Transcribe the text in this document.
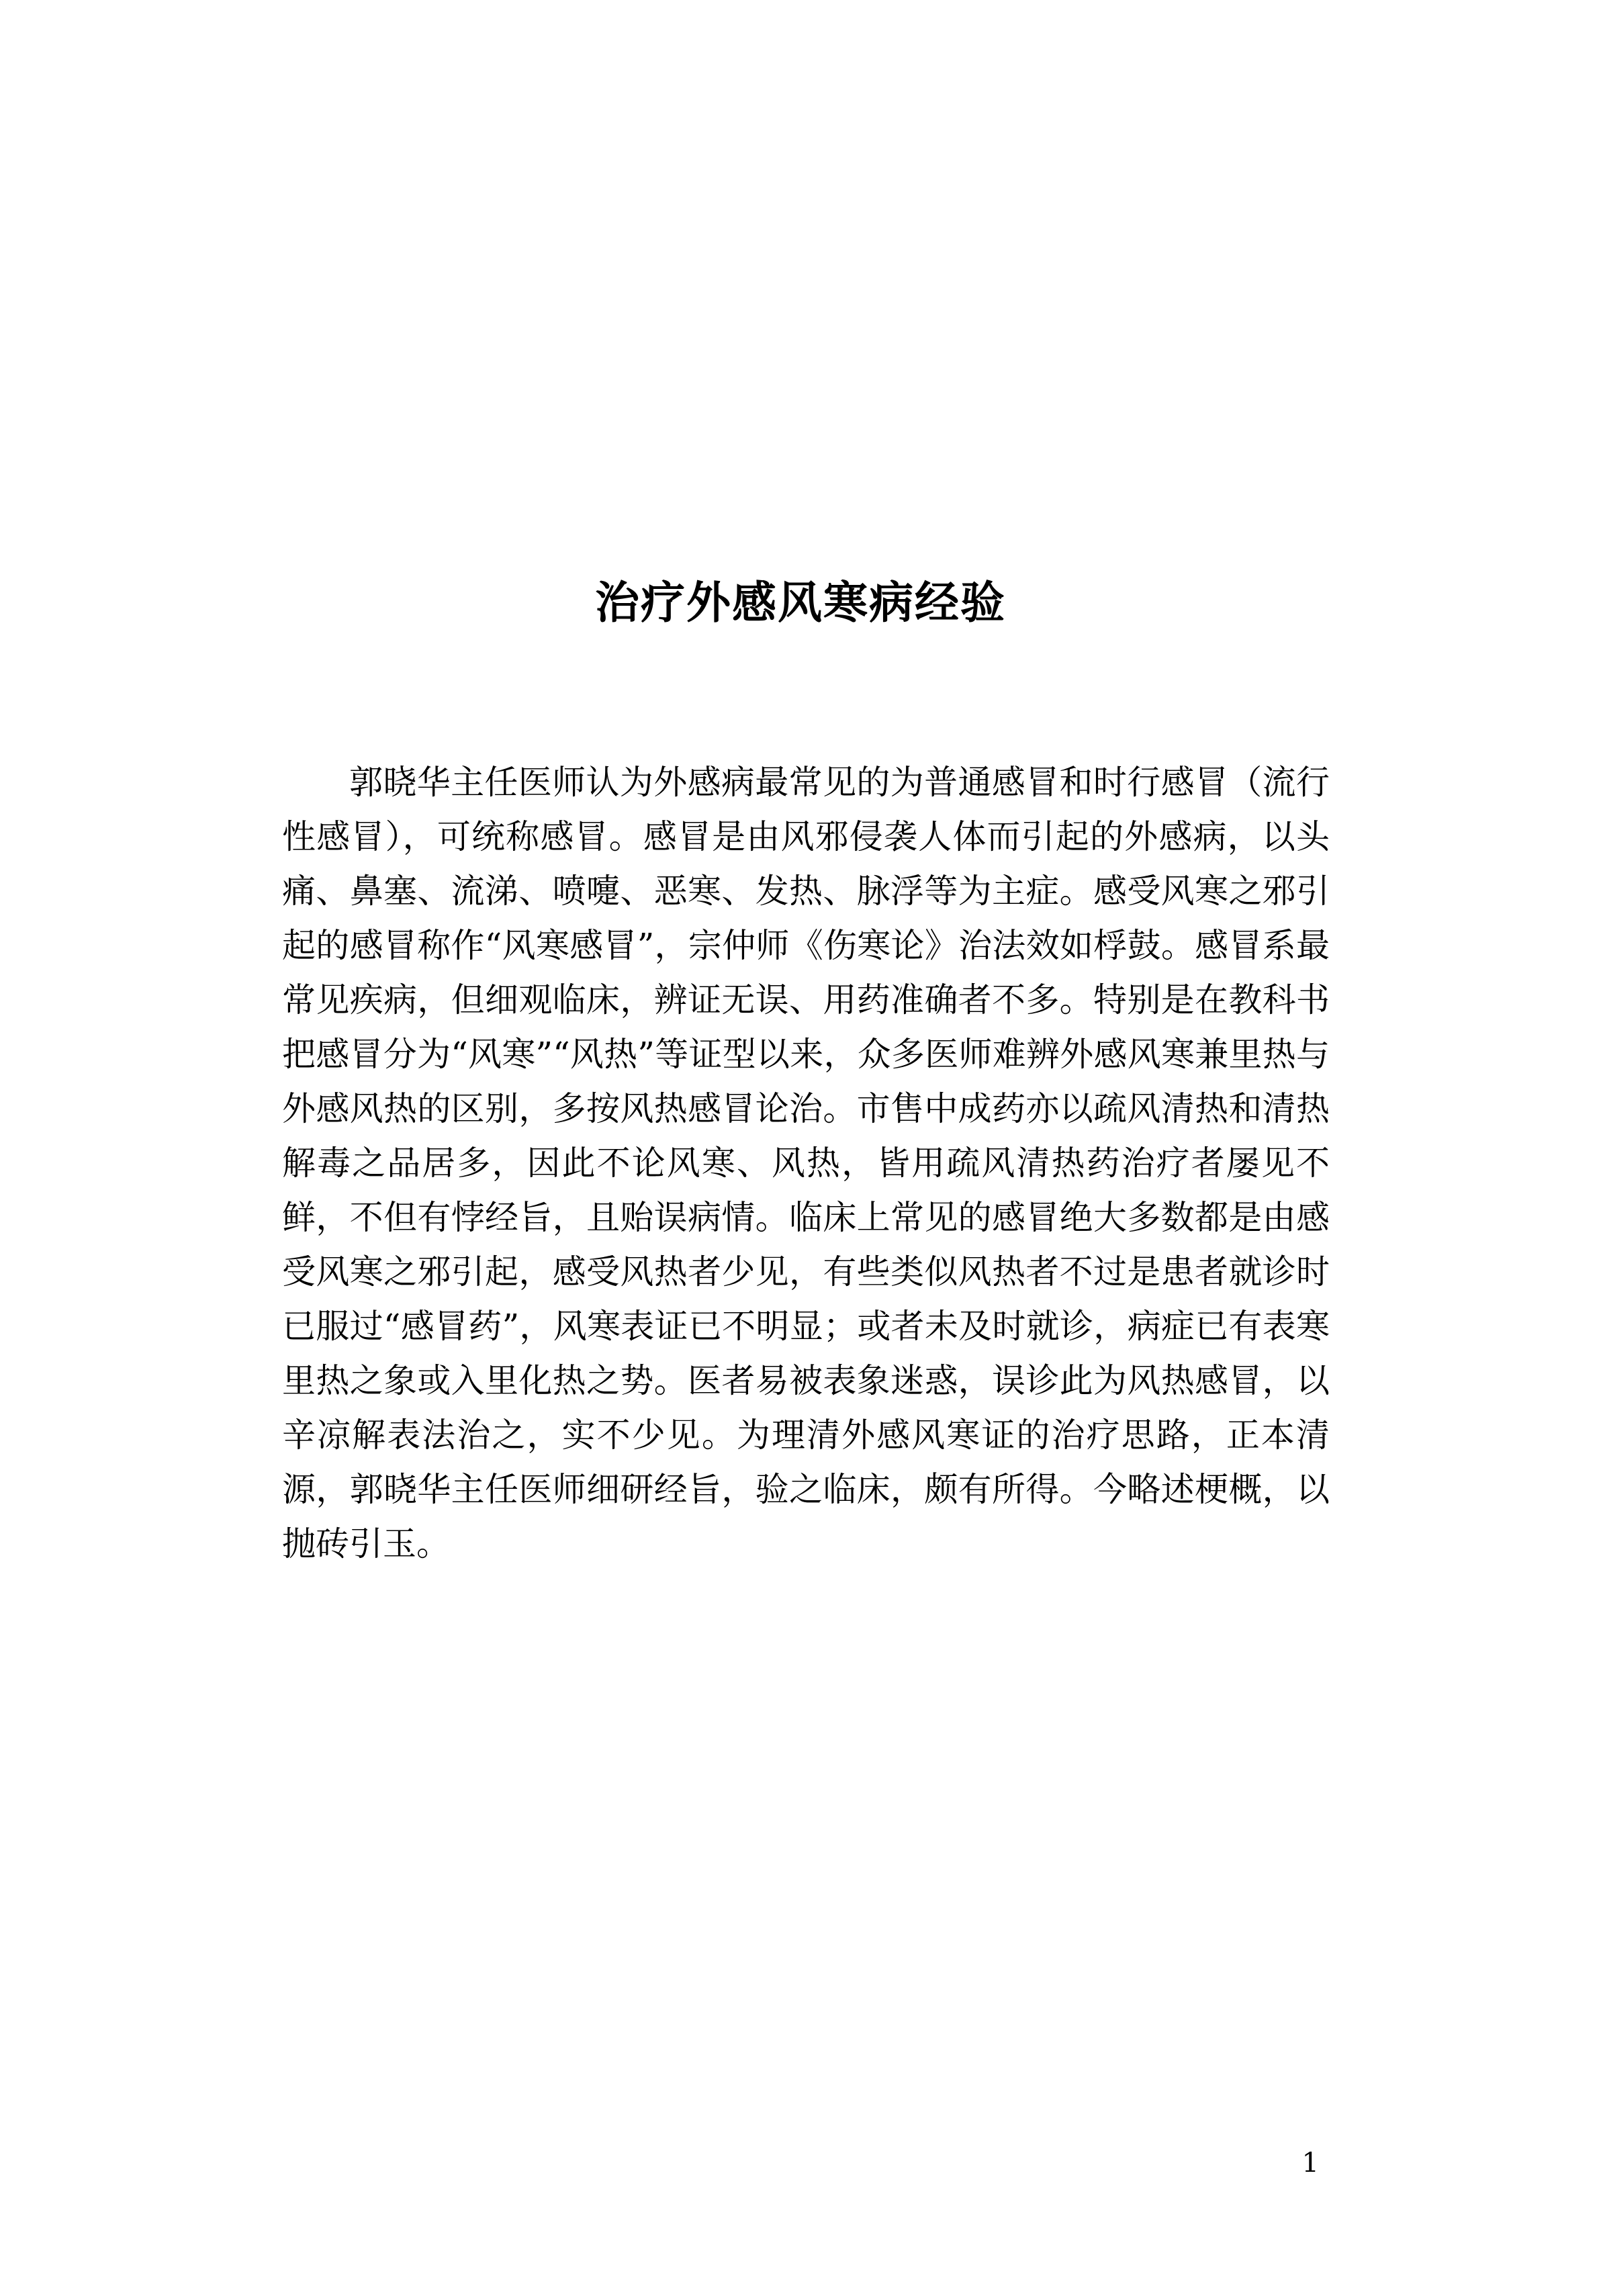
治疗外感风寒病经验

郭晓华主任医师认为外感病最常见的为普通感冒和时行感冒（流行性感冒），可统称感冒。感冒是由风邪侵袭人体而引起的外感病，以头痛、鼻塞、流涕、喷嚏、恶寒、发热、脉浮等为主症。感受风寒之邪引起的感冒称作“风寒感冒”，宗仲师《伤寒论》治法效如桴鼓。感冒系最常见疾病，但细观临床，辨证无误、用药准确者不多。特别是在教科书把感冒分为“风寒”“风热”等证型以来，众多医师难辨外感风寒兼里热与外感风热的区别，多按风热感冒论治。市售中成药亦以疏风清热和清热解毒之品居多，因此不论风寒、风热，皆用疏风清热药治疗者屡见不鲜，不但有悖经旨，且贻误病情。临床上常见的感冒绝大多数都是由感受风寒之邪引起，感受风热者少见，有些类似风热者不过是患者就诊时已服过“感冒药”，风寒表证已不明显；或者未及时就诊，病症已有表寒里热之象或入里化热之势。医者易被表象迷惑，误诊此为风热感冒，以辛凉解表法治之，实不少见。为理清外感风寒证的治疗思路，正本清源，郭晓华主任医师细研经旨，验之临床，颇有所得。今略述梗概，以抛砖引玉。

1
